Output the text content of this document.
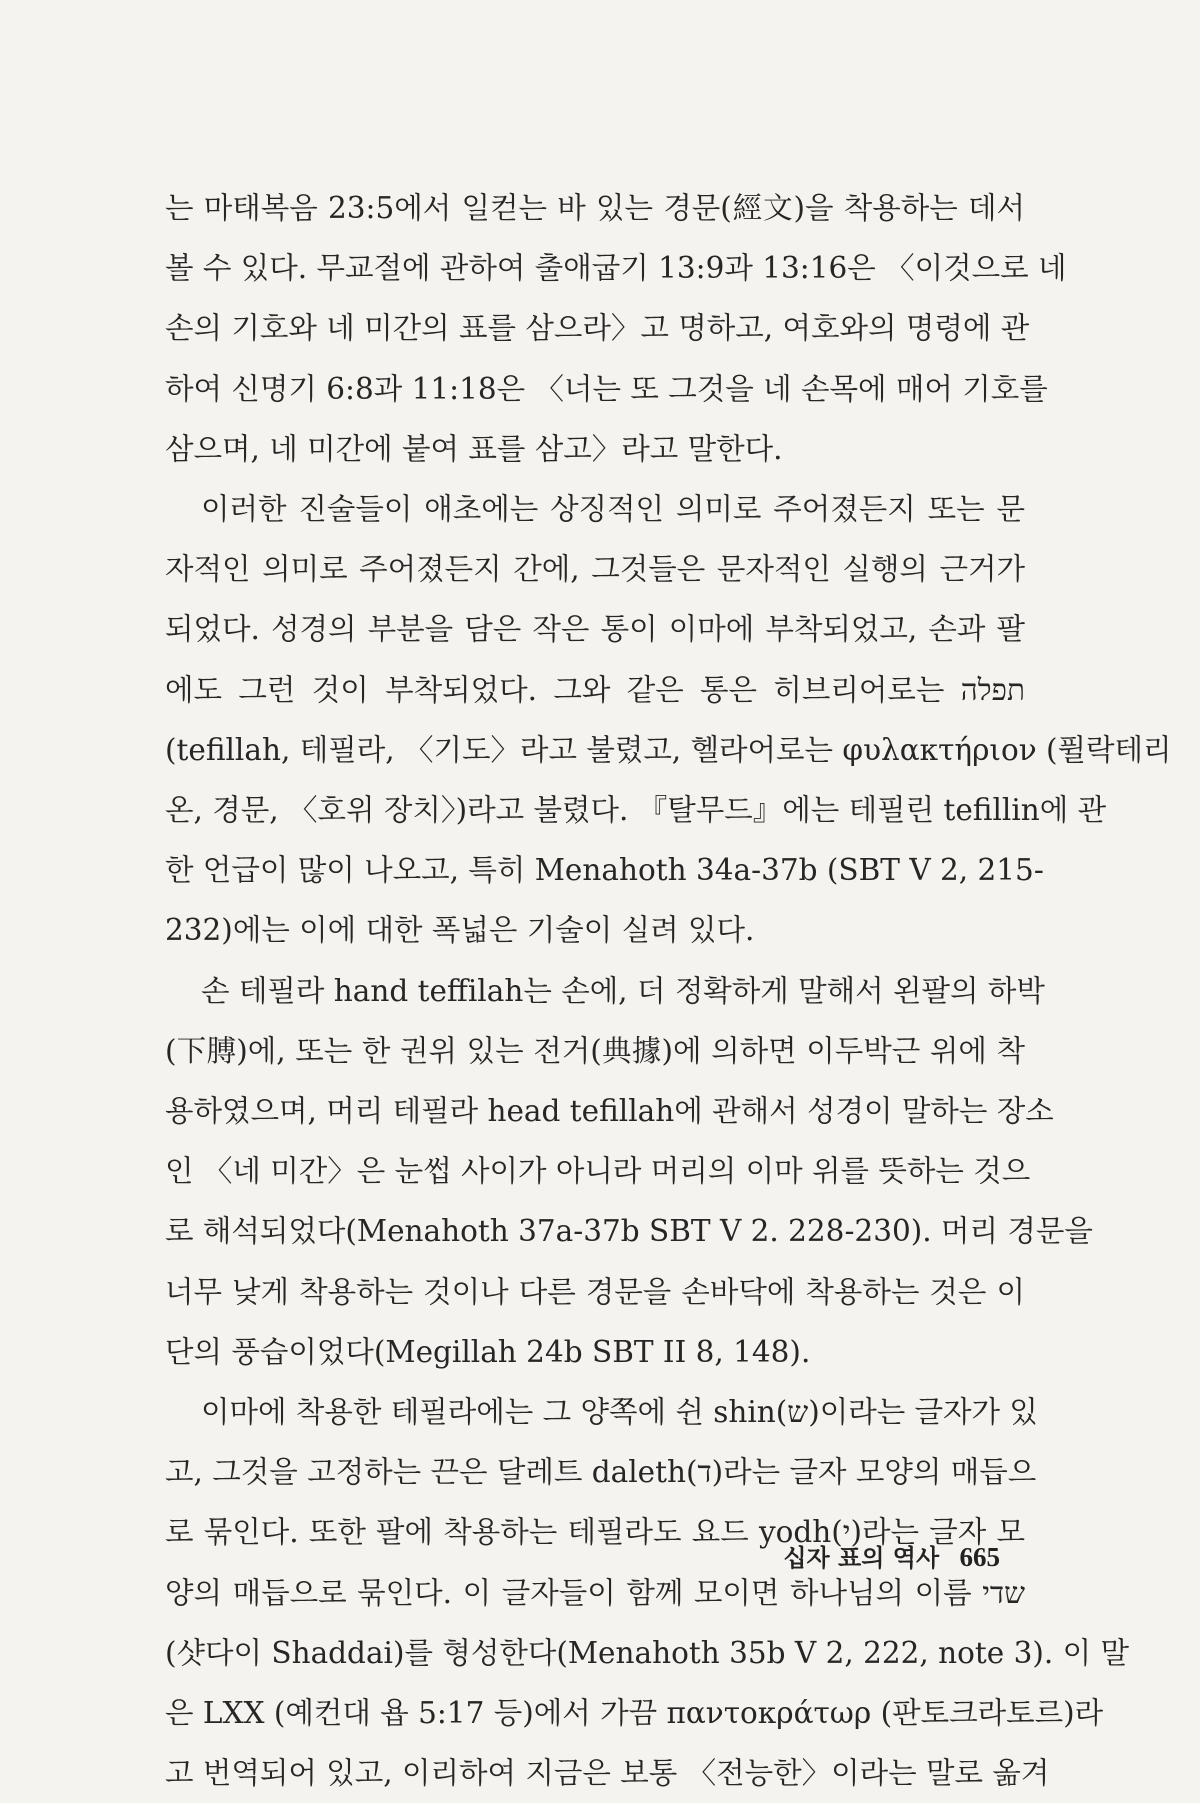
는 마태복음 23:5에서 일컫는 바 있는 경문(經文)을 착용하는 데서
볼 수 있다. 무교절에 관하여 출애굽기 13:9과 13:16은 〈이것으로 네
손의 기호와 네 미간의 표를 삼으라〉고 명하고, 여호와의 명령에 관
하여 신명기 6:8과 11:18은 〈너는 또 그것을 네 손목에 매어 기호를
삼으며, 네 미간에 붙여 표를 삼고〉라고 말한다.

이러한 진술들이 애초에는 상징적인 의미로 주어졌든지 또는 문
자적인 의미로 주어졌든지 간에, 그것들은 문자적인 실행의 근거가
되었다. 성경의 부분을 담은 작은 통이 이마에 부착되었고, 손과 팔
에도 그런 것이 부착되었다. 그와 같은 통은 히브리어로는 תפלה
(tefillah, 테필라, 〈기도〉라고 불렸고, 헬라어로는 φυλακτήριον (퓔락테리
온, 경문, 〈호위 장치〉)라고 불렸다. 『탈무드』에는 테필린 tefillin에 관
한 언급이 많이 나오고, 특히 Menahoth 34a-37b (SBT V 2, 215-
232)에는 이에 대한 폭넓은 기술이 실려 있다.

손 테필라 hand teffilah는 손에, 더 정확하게 말해서 왼팔의 하박
(下膊)에, 또는 한 권위 있는 전거(典據)에 의하면 이두박근 위에 착
용하였으며, 머리 테필라 head tefillah에 관해서 성경이 말하는 장소
인 〈네 미간〉은 눈썹 사이가 아니라 머리의 이마 위를 뜻하는 것으
로 해석되었다(Menahoth 37a-37b SBT V 2. 228-230). 머리 경문을
너무 낮게 착용하는 것이나 다른 경문을 손바닥에 착용하는 것은 이
단의 풍습이었다(Megillah 24b SBT II 8, 148).

이마에 착용한 테필라에는 그 양쪽에 쉰 shin(ש)이라는 글자가 있
고, 그것을 고정하는 끈은 달레트 daleth(ד)라는 글자 모양의 매듭으
로 묶인다. 또한 팔에 착용하는 테필라도 요드 yodh(י)라는 글자 모
양의 매듭으로 묶인다. 이 글자들이 함께 모이면 하나님의 이름 שדי
(샷다이 Shaddai)를 형성한다(Menahoth 35b V 2, 222, note 3). 이 말
은 LXX (예컨대 욥 5:17 등)에서 가끔 παντοκράτωρ (판토크라토르)라
고 번역되어 있고, 이리하여 지금은 보통 〈전능한〉이라는 말로 옮겨

십자 표의 역사 665
